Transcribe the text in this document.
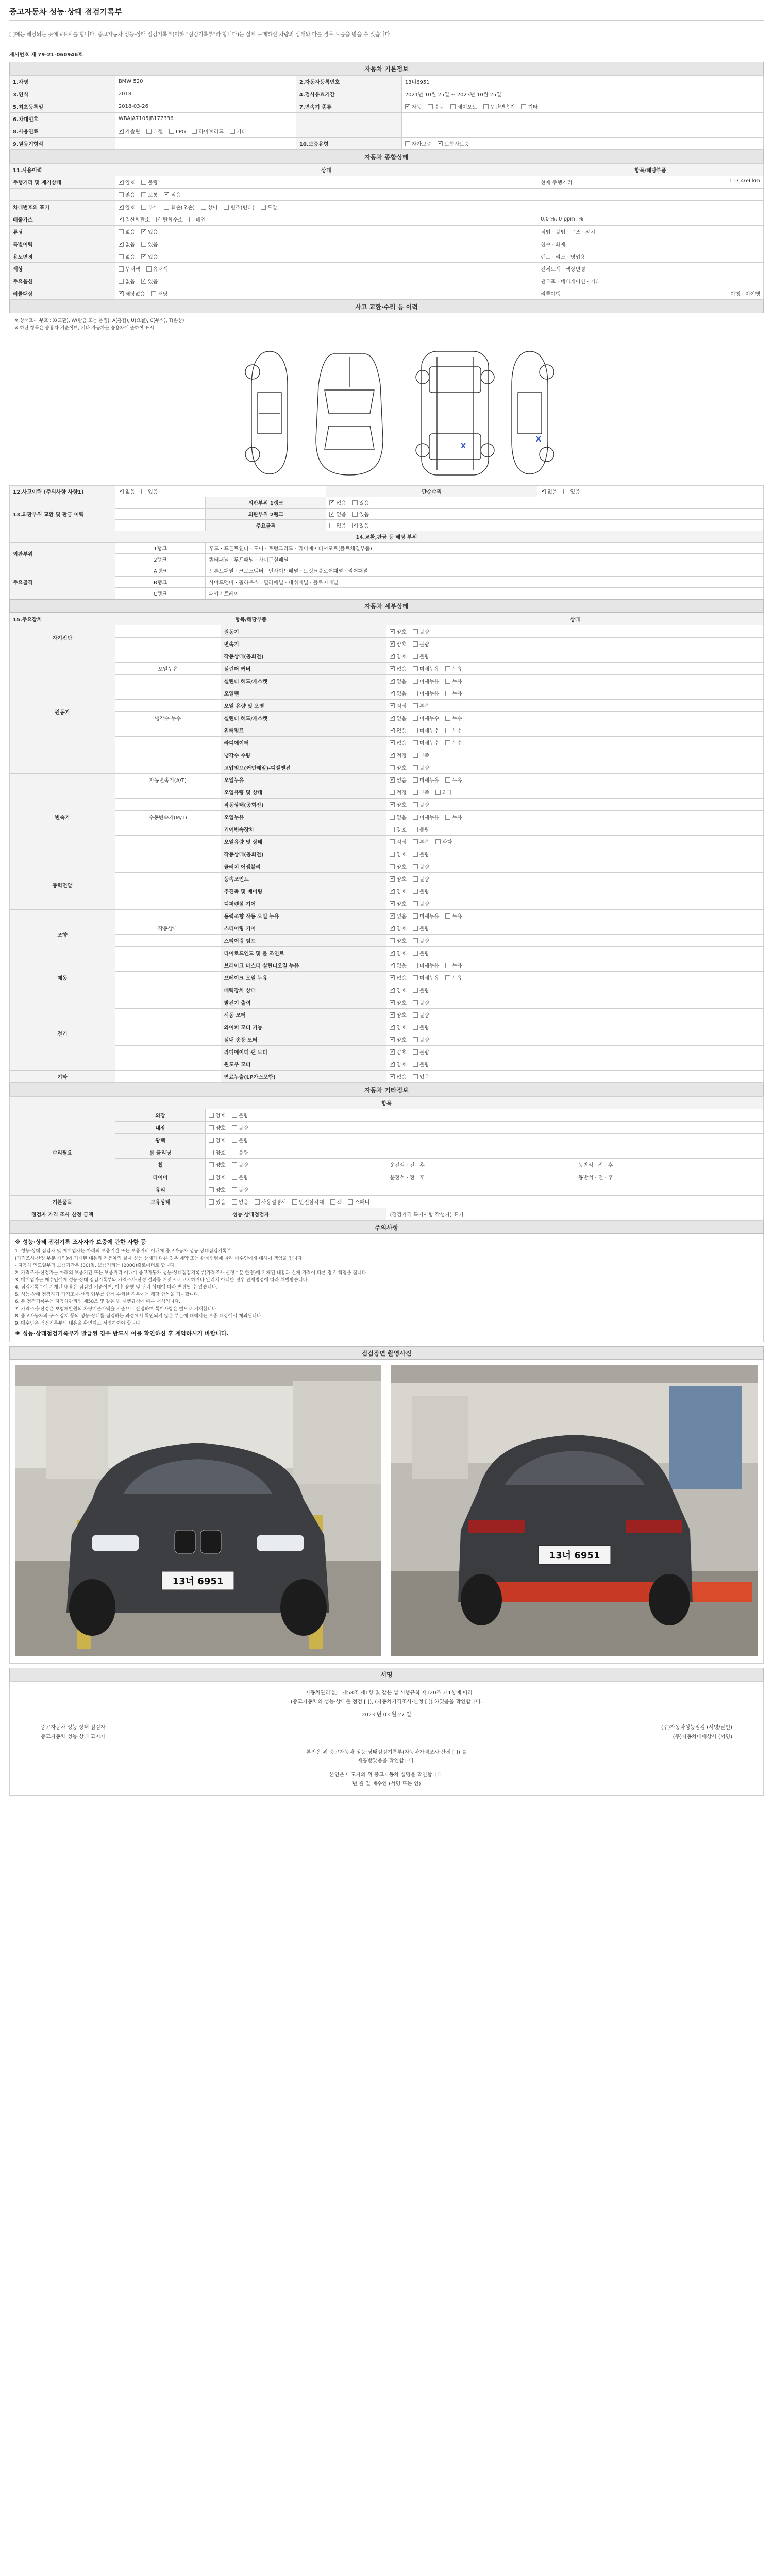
중고자동차 성능·상태 점검기록부
[ ]에는 해당되는 곳에 √표시를 합니다. 중고자동차 성능·상태 점검기록부(이하 "점검기록부"라 합니다)는 실제 구매하신 차량의 상태와 다를 경우 보증을 받을 수 있습니다.
제시번호 제 79-21-060946호
자동차 기본정보
1.차명	BMW 520	2.자동차등록번호	13너6951
3.연식	2018	4.검사유효기간	2021년 10월 25일 ~ 2023년 10월 25일
5.최초등록일	2018-03-26	7.변속기 종류	✓자동 수동 세미오토 무단변속기 기타
6.차대번호	WBAJA7105JB177336		
8.사용연료	✓가솔린 디젤 LPG 하이브리드 기타		
9.원동기형식		10.보증유형	자가보증 ✓ 보험사보증
자동차 종합상태
11.사용이력	상태	항목/해당부품
주행거리 및 계기상태	✓양호 불량	현재 주행거리 117,469 km

	많음 보통 ✓ 적음	
차대번호의 표기	✓양호 부식 훼손(오손) 상이 변조(변타) 도말	
배출가스	✓일산화탄소 ✓ 탄화수소 매연	0.0 %, 0 ppm, %
튜닝	없음 ✓ 있음	적법 · 불법 · 구조 · 장치
특별이력	✓없음 있음	침수 · 화재
용도변경	없음 ✓ 있음	렌트 · 리스 · 영업용
색상	무채색 유채색	전체도색 · 색상변경
주요옵션	없음 ✓ 있음	썬루프 · 네비게이션 · 기타
리콜대상	✓해당없음 해당	리콜이행 이행 · 미이행
사고 교환·수리 등 이력
※ 상태표시 부호 : X(교환), W(판금 또는 용접), A(흠집), U(요철), C(부식), T(손상)
※ 하단 항목은 승용차 기준이며, 기타 자동차는 승용차에 준하여 표시
X
X
12.사고이력 (주의사항 사항1)	✓없음 있음		단순수리	✓없음 있음
13.외판부위 교환 및 판금 이력		외판부위 1랭크	✓없음 있음
		외판부위 2랭크	✓없음 있음
		주요골격	없음 ✓ 있음
14.교환,판금 등 해당 부위				
외판부위	1랭크	후드 · 프론트휀더 · 도어 · 트렁크리드 · 라디에이터서포트(볼트체결부품)		
	2랭크	쿼터패널 · 루프패널 · 사이드실패널		
주요골격	A랭크	프론트패널 · 크로스멤버 · 인사이드패널 · 트렁크플로어패널 · 리어패널		
	B랭크	사이드멤버 · 휠하우스 · 필러패널 · 대쉬패널 · 플로어패널		
	C랭크	패키지트레이		
자동차 세부상태
15.주요장치	항목/해당부품		상태
자기진단		원동기	✓양호 불량
		변속기	✓양호 불량
원동기		작동상태(공회전)	✓양호 불량
	오일누유	실린더 커버	✓없음 미세누유 누유
		실린더 헤드/개스켓	✓없음 미세누유 누유
		오일팬	✓없음 미세누유 누유
		오일 유량 및 오염	✓적정 부족
	냉각수 누수	실린더 헤드/개스켓	✓없음 미세누수 누수
		워터펌프	✓없음 미세누수 누수
		라디에이터	✓없음 미세누수 누수
		냉각수 수량	✓적정 부족
		고압펌프(커먼레일)-디젤엔진	양호 불량
변속기	자동변속기(A/T)	오일누유	✓없음 미세누유 누유
		오일유량 및 상태	적정 부족 과다
		작동상태(공회전)	✓양호 불량
	수동변속기(M/T)	오일누유	없음 미세누유 누유
		기어변속장치	양호 불량
		오일유량 및 상태	적정 부족 과다
		작동상태(공회전)	양호 불량
동력전달		클러치 어셈블리	양호 불량
		등속조인트	✓양호 불량
		추진축 및 베어링	✓양호 불량
		디퍼렌셜 기어	✓양호 불량
조향		동력조향 작동 오일 누유	✓없음 미세누유 누유
	작동상태	스티어링 기어	✓양호 불량
		스티어링 펌프	양호 불량
		타이로드엔드 및 볼 조인트	✓양호 불량
제동		브레이크 마스터 실린더오일 누유	✓없음 미세누유 누유
		브레이크 오일 누유	✓없음 미세누유 누유
		배력장치 상태	✓양호 불량
전기		발전기 출력	✓양호 불량
		시동 모터	✓양호 불량
		와이퍼 모터 기능	✓양호 불량
		실내 송풍 모터	✓양호 불량
		라디에이터 팬 모터	✓양호 불량
		윈도우 모터	✓양호 불량
기타		연료누출(LP가스포함)	✓없음 있음
자동차 기타정보
항목				
수리필요	외장	양호 불량		
	내장	양호 불량		
	광택	양호 불량		
	룸 클리닝	양호 불량		
	휠	양호 불량	운전석 · 전 · 후	동반석 · 전 · 후
	타이어	양호 불량	운전석 · 전 · 후	동반석 · 전 · 후
	유리	양호 불량		
기본품목	보유상태	있음 없음 사용설명서 안전삼각대 잭 스패너		
점검자 가격 조사 산정 금액	성능 상태점검자		(점검가격 특기사항 작성자) 표기	
주의사항
※ 성능·상태 점검기록 조사자가 보증에 관한 사항 등
1. 성능·상태 점검자 및 매매업자는 아래의 보증기간 또는 보증거리 이내에 중고자동차 성능·상태점검기록부
(가격조사·산정 부분 제외)에 기재된 내용과 자동차의 실제 성능·상태가 다른 경우 계약 또는 관계법령에 따라 매수인에게 대하여 책임을 집니다.
- 자동차 인도일부터 보증기간은 (30)일, 보증거리는 (2000)킬로미터로 합니다.
2. 가격조사·산정자는 아래의 보증기간 또는 보증거리 이내에 중고자동차 성능·상태점검기록부(가격조사·산정부분 한정)에 기재된 내용과 실제 가격이 다른 경우 책임을 집니다.
3. 매매업자는 매수인에게 성능·상태 점검기록부와 가격조사·산정 결과를 거짓으로 고지하거나 알리지 아니한 경우 관계법령에 따라 처벌받습니다.
4. 점검기록부에 기재된 내용은 점검일 기준이며, 이후 운행 및 관리 상태에 따라 변경될 수 있습니다.
5. 성능·상태 점검자가 가격조사·산정 업무를 함께 수행한 경우에는 해당 항목을 기재합니다.
6. 본 점검기록부는 자동차관리법 제58조 및 같은 법 시행규칙에 따른 서식입니다.
7. 가격조사·산정은 보험개발원의 차량기준가액을 기준으로 산정하며 특이사항은 별도로 기재합니다.
8. 중고자동차의 구조·장치 등의 성능·상태를 점검하는 과정에서 확인되지 않은 부분에 대해서는 보증 대상에서 제외됩니다.
9. 매수인은 점검기록부의 내용을 확인하고 서명하여야 합니다.
※ 성능·상태점검기록부가 발급된 경우 반드시 이를 확인하신 후 계약하시기 바랍니다.
점검장면 촬영사진
13너 6951
13너 6951
서명
「자동차관리법」 제58조 제1항 및 같은 법 시행규칙 제120조 제1항에 따라
(중고자동차의 성능·상태를 점검 [ ]), (자동차가격조사·산정 [ ]) 하였음을 확인합니다.
2023 년 03 월 27 일
중고자동차 성능·상태 점검자	(주)자동차성능점검 (서명/날인)
중고자동차 성능·상태 고지자	(주)자동차매매상사 (서명)
본인은 위 중고자동차 성능·상태점검기록부(자동차가격조사·산정 [ ]) 를
제공받았음을 확인합니다.
본인은 매도자의 위 중고자동차 설명을 확인합니다.
년 월 일 매수인 (서명 또는 인)
